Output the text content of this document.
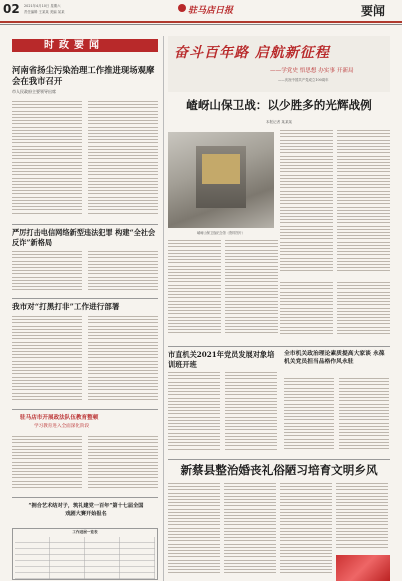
02 2021年4月10日 星期六
责任编辑 王某某 美编 某某	驻马店日报	要闻
时政要闻
河南省扬尘污染治理工作推进现场观摩会在我市召开
市人民政府主要领导出席
严厉打击电信网络新型违法犯罪 构建“全社会反诈”新格局
我市对“打黑打非”工作进行部署
驻马店市开展政法队伍教育整顿
学习教育进入全面深化阶段
“拥合艺术结对子，筑礼建党一百年”第十七届全国戏剧大赛开始报名
工作进展一览表
奋斗百年路 启航新征程
——学党史 悟思想 办实事 开新局
——庆祝中国共产党成立100周年
嵖岈山保卫战：以少胜多的光辉战例
本报记者 某某某
嵖岈山保卫战纪念馆（资料图片）
市直机关2021年党员发展对象培训班开班
全市机关政治理论素质提高大家谈 永葆机关党员担当品格作风永驻
新蔡县整治婚丧礼俗陋习培育文明乡风
